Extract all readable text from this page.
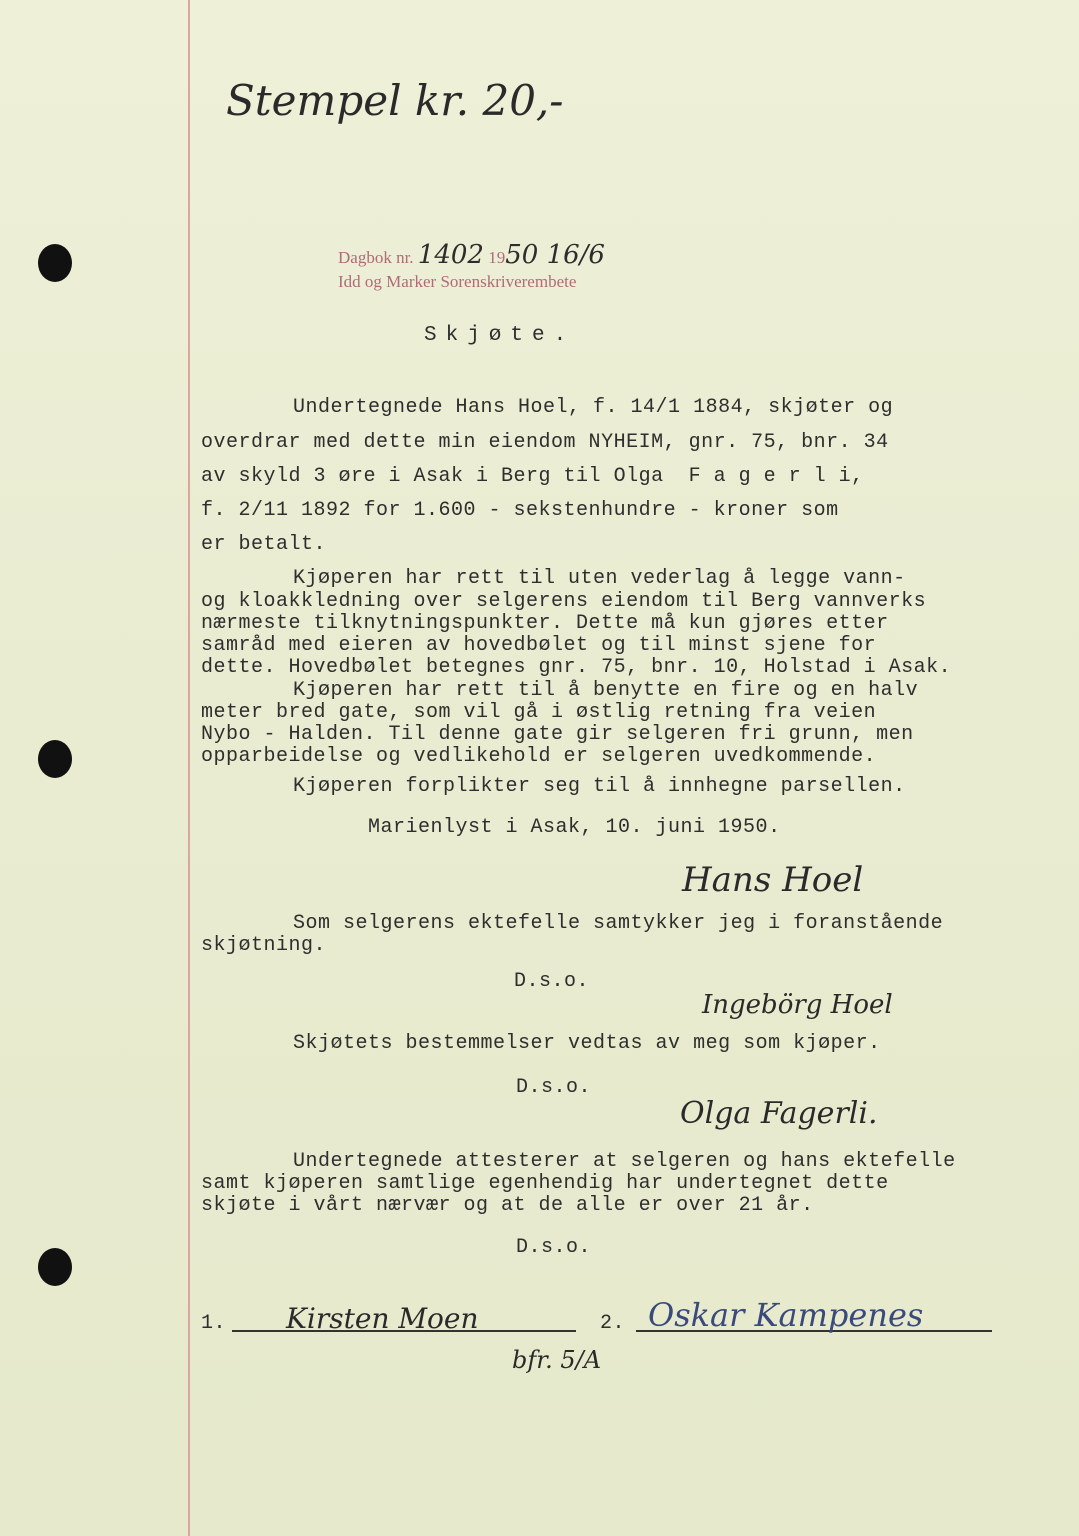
Stempel kr. 20,-
Dagbok nr. 1402 1950 16/6
Idd og Marker Sorenskriverembete
Skjøte.
Undertegnede Hans Hoel, f. 14/1 1884, skjøter og
overdrar med dette min eiendom NYHEIM, gnr. 75, bnr. 34
av skyld 3 øre i Asak i Berg til Olga  F a g e r l i,
f. 2/11 1892 for 1.600 - sekstenhundre - kroner som
er betalt.
Kjøperen har rett til uten vederlag å legge vann-
og kloakkledning over selgerens eiendom til Berg vannverks
nærmeste tilknytningspunkter. Dette må kun gjøres etter
samråd med eieren av hovedbølet og til minst sjene for
dette. Hovedbølet betegnes gnr. 75, bnr. 10, Holstad i Asak.
Kjøperen har rett til å benytte en fire og en halv
meter bred gate, som vil gå i østlig retning fra veien
Nybo - Halden. Til denne gate gir selgeren fri grunn, men
opparbeidelse og vedlikehold er selgeren uvedkommende.
Kjøperen forplikter seg til å innhegne parsellen.
Marienlyst i Asak, 10. juni 1950.
Hans Hoel
Som selgerens ektefelle samtykker jeg i foranstående
skjøtning.
D.s.o.
Ingebörg Hoel
Skjøtets bestemmelser vedtas av meg som kjøper.
D.s.o.
Olga Fagerli.
Undertegnede attesterer at selgeren og hans ektefelle
samt kjøperen samtlige egenhendig har undertegnet dette
skjøte i vårt nærvær og at de alle er over 21 år.
D.s.o.
1. Kirsten Moen	2. Oskar Kampenes
bfr. 5/A
